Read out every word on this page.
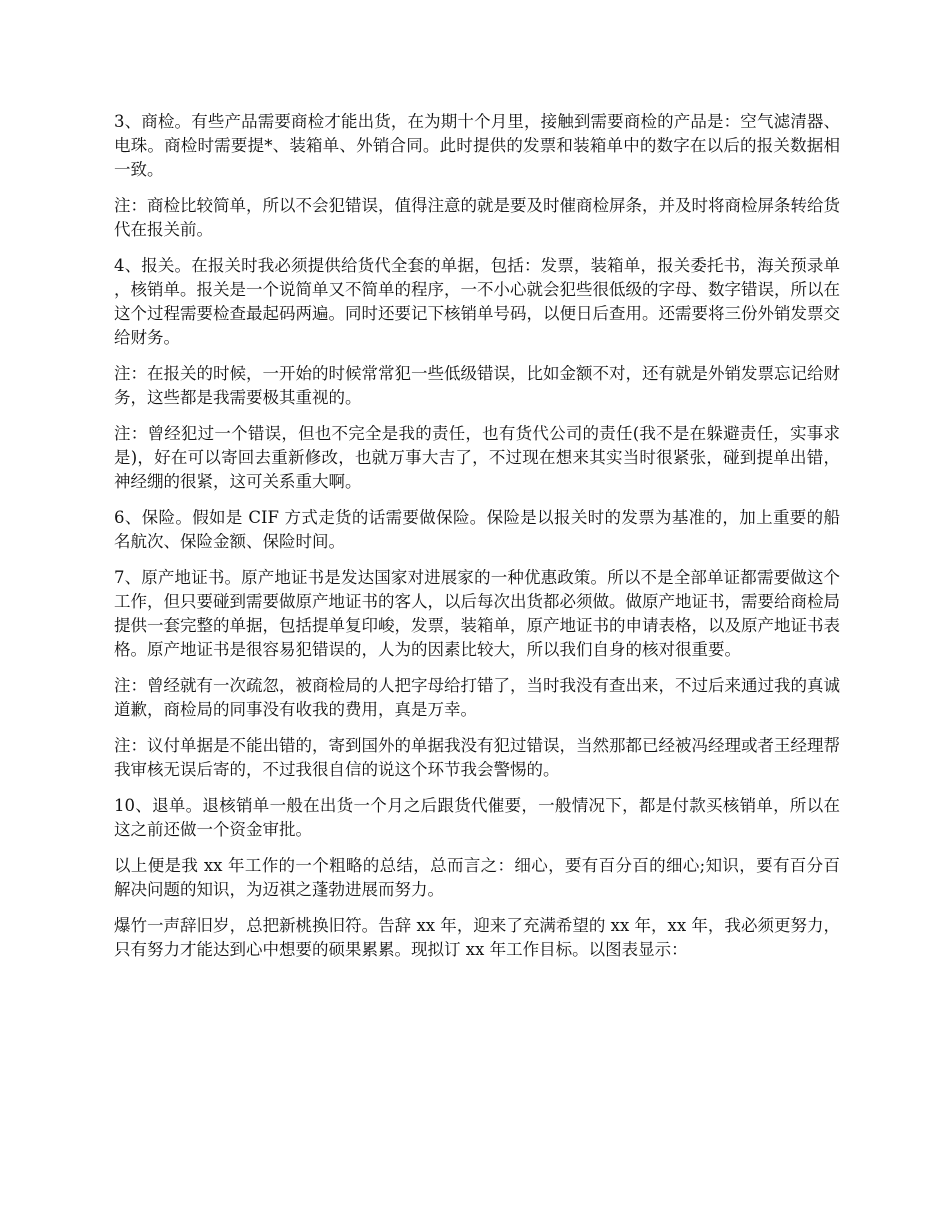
3、商检。有些产品需要商检才能出货，在为期十个月里，接触到需要商检的产品是：空气滤清器、电珠。商检时需要提*、装箱单、外销合同。此时提供的发票和装箱单中的数字在以后的报关数据相一致。

注：商检比较简单，所以不会犯错误，值得注意的就是要及时催商检屏条，并及时将商检屏条转给货代在报关前。

4、报关。在报关时我必须提供给货代全套的单据，包括：发票，装箱单，报关委托书，海关预录单，核销单。报关是一个说简单又不简单的程序，一不小心就会犯些很低级的字母、数字错误，所以在这个过程需要检查最起码两遍。同时还要记下核销单号码，以便日后查用。还需要将三份外销发票交给财务。

注：在报关的时候，一开始的时候常常犯一些低级错误，比如金额不对，还有就是外销发票忘记给财务，这些都是我需要极其重视的。

注：曾经犯过一个错误，但也不完全是我的责任，也有货代公司的责任(我不是在躲避责任，实事求是)，好在可以寄回去重新修改，也就万事大吉了，不过现在想来其实当时很紧张，碰到提单出错，神经绷的很紧，这可关系重大啊。

6、保险。假如是 CIF 方式走货的话需要做保险。保险是以报关时的发票为基准的，加上重要的船名航次、保险金额、保险时间。

7、原产地证书。原产地证书是发达国家对进展家的一种优惠政策。所以不是全部单证都需要做这个工作，但只要碰到需要做原产地证书的客人，以后每次出货都必须做。做原产地证书，需要给商检局提供一套完整的单据，包括提单复印峻，发票，装箱单，原产地证书的申请表格，以及原产地证书表格。原产地证书是很容易犯错误的，人为的因素比较大，所以我们自身的核对很重要。

注：曾经就有一次疏忽，被商检局的人把字母给打错了，当时我没有查出来，不过后来通过我的真诚道歉，商检局的同事没有收我的费用，真是万幸。

注：议付单据是不能出错的，寄到国外的单据我没有犯过错误，当然那都已经被冯经理或者王经理帮我审核无误后寄的，不过我很自信的说这个环节我会警惕的。

10、退单。退核销单一般在出货一个月之后跟货代催要，一般情况下，都是付款买核销单，所以在这之前还做一个资金审批。

以上便是我 xx 年工作的一个粗略的总结，总而言之：细心，要有百分百的细心;知识，要有百分百解决问题的知识，为迈祺之蓬勃进展而努力。

爆竹一声辞旧岁，总把新桃换旧符。告辞 xx 年，迎来了充满希望的 xx 年，xx 年，我必须更努力，只有努力才能达到心中想要的硕果累累。现拟订 xx 年工作目标。以图表显示：
